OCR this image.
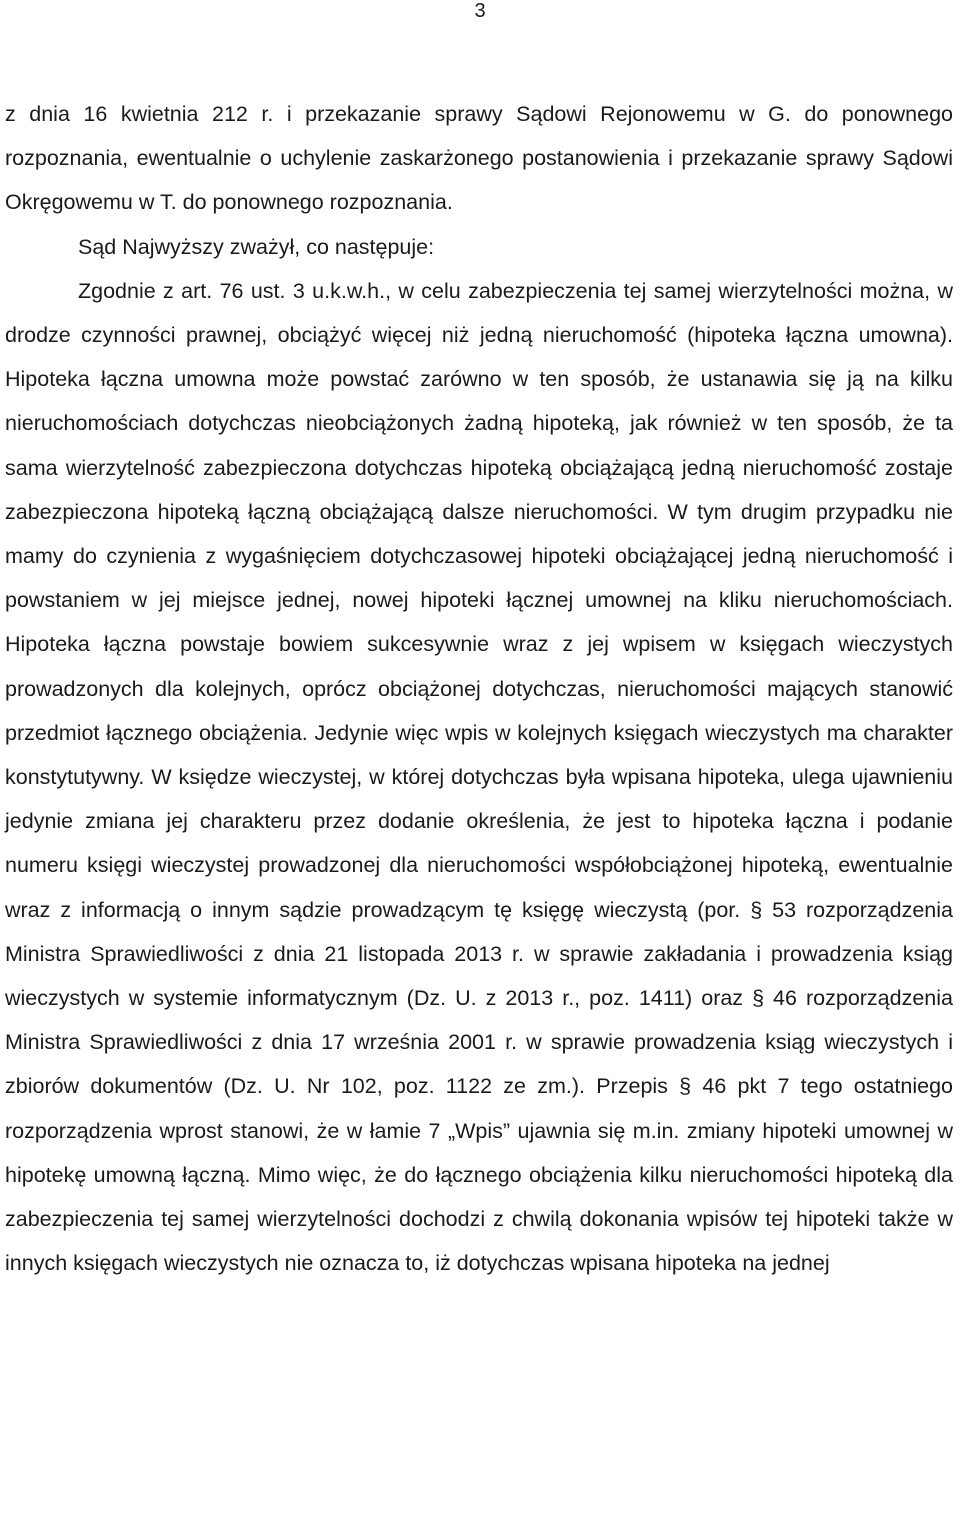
3

z dnia 16 kwietnia 212 r. i przekazanie sprawy Sądowi Rejonowemu w G. do ponownego rozpoznania, ewentualnie o uchylenie zaskarżonego postanowienia i przekazanie sprawy Sądowi Okręgowemu w T. do ponownego rozpoznania.

Sąd Najwyższy zważył, co następuje:

Zgodnie z art. 76 ust. 3 u.k.w.h., w celu zabezpieczenia tej samej wierzytelności można, w drodze czynności prawnej, obciążyć więcej niż jedną nieruchomość (hipoteka łączna umowna). Hipoteka łączna umowna może powstać zarówno w ten sposób, że ustanawia się ją na kilku nieruchomościach dotychczas nieobciążonych żadną hipoteką, jak również w ten sposób, że ta sama wierzytelność zabezpieczona dotychczas hipoteką obciążającą jedną nieruchomość zostaje zabezpieczona hipoteką łączną obciążającą dalsze nieruchomości. W tym drugim przypadku nie mamy do czynienia z wygaśnięciem dotychczasowej hipoteki obciążającej jedną nieruchomość i powstaniem w jej miejsce jednej, nowej hipoteki łącznej umownej na kliku nieruchomościach. Hipoteka łączna powstaje bowiem sukcesywnie wraz z jej wpisem w księgach wieczystych prowadzonych dla kolejnych, oprócz obciążonej dotychczas, nieruchomości mających stanowić przedmiot łącznego obciążenia. Jedynie więc wpis w kolejnych księgach wieczystych ma charakter konstytutywny. W księdze wieczystej, w której dotychczas była wpisana hipoteka, ulega ujawnieniu jedynie zmiana jej charakteru przez dodanie określenia, że jest to hipoteka łączna i podanie numeru księgi wieczystej prowadzonej dla nieruchomości współobciążonej hipoteką, ewentualnie wraz z informacją o innym sądzie prowadzącym tę księgę wieczystą (por. § 53 rozporządzenia Ministra Sprawiedliwości z dnia 21 listopada 2013 r. w sprawie zakładania i prowadzenia ksiąg wieczystych w systemie informatycznym (Dz. U. z 2013 r., poz. 1411) oraz § 46 rozporządzenia Ministra Sprawiedliwości z dnia 17 września 2001 r. w sprawie prowadzenia ksiąg wieczystych i zbiorów dokumentów (Dz. U. Nr 102, poz. 1122 ze zm.). Przepis § 46 pkt 7 tego ostatniego rozporządzenia wprost stanowi, że w łamie 7 „Wpis” ujawnia się m.in. zmiany hipoteki umownej w hipotekę umowną łączną. Mimo więc, że do łącznego obciążenia kilku nieruchomości hipoteką dla zabezpieczenia tej samej wierzytelności dochodzi z chwilą dokonania wpisów tej hipoteki także w innych księgach wieczystych nie oznacza to, iż dotychczas wpisana hipoteka na jednej
